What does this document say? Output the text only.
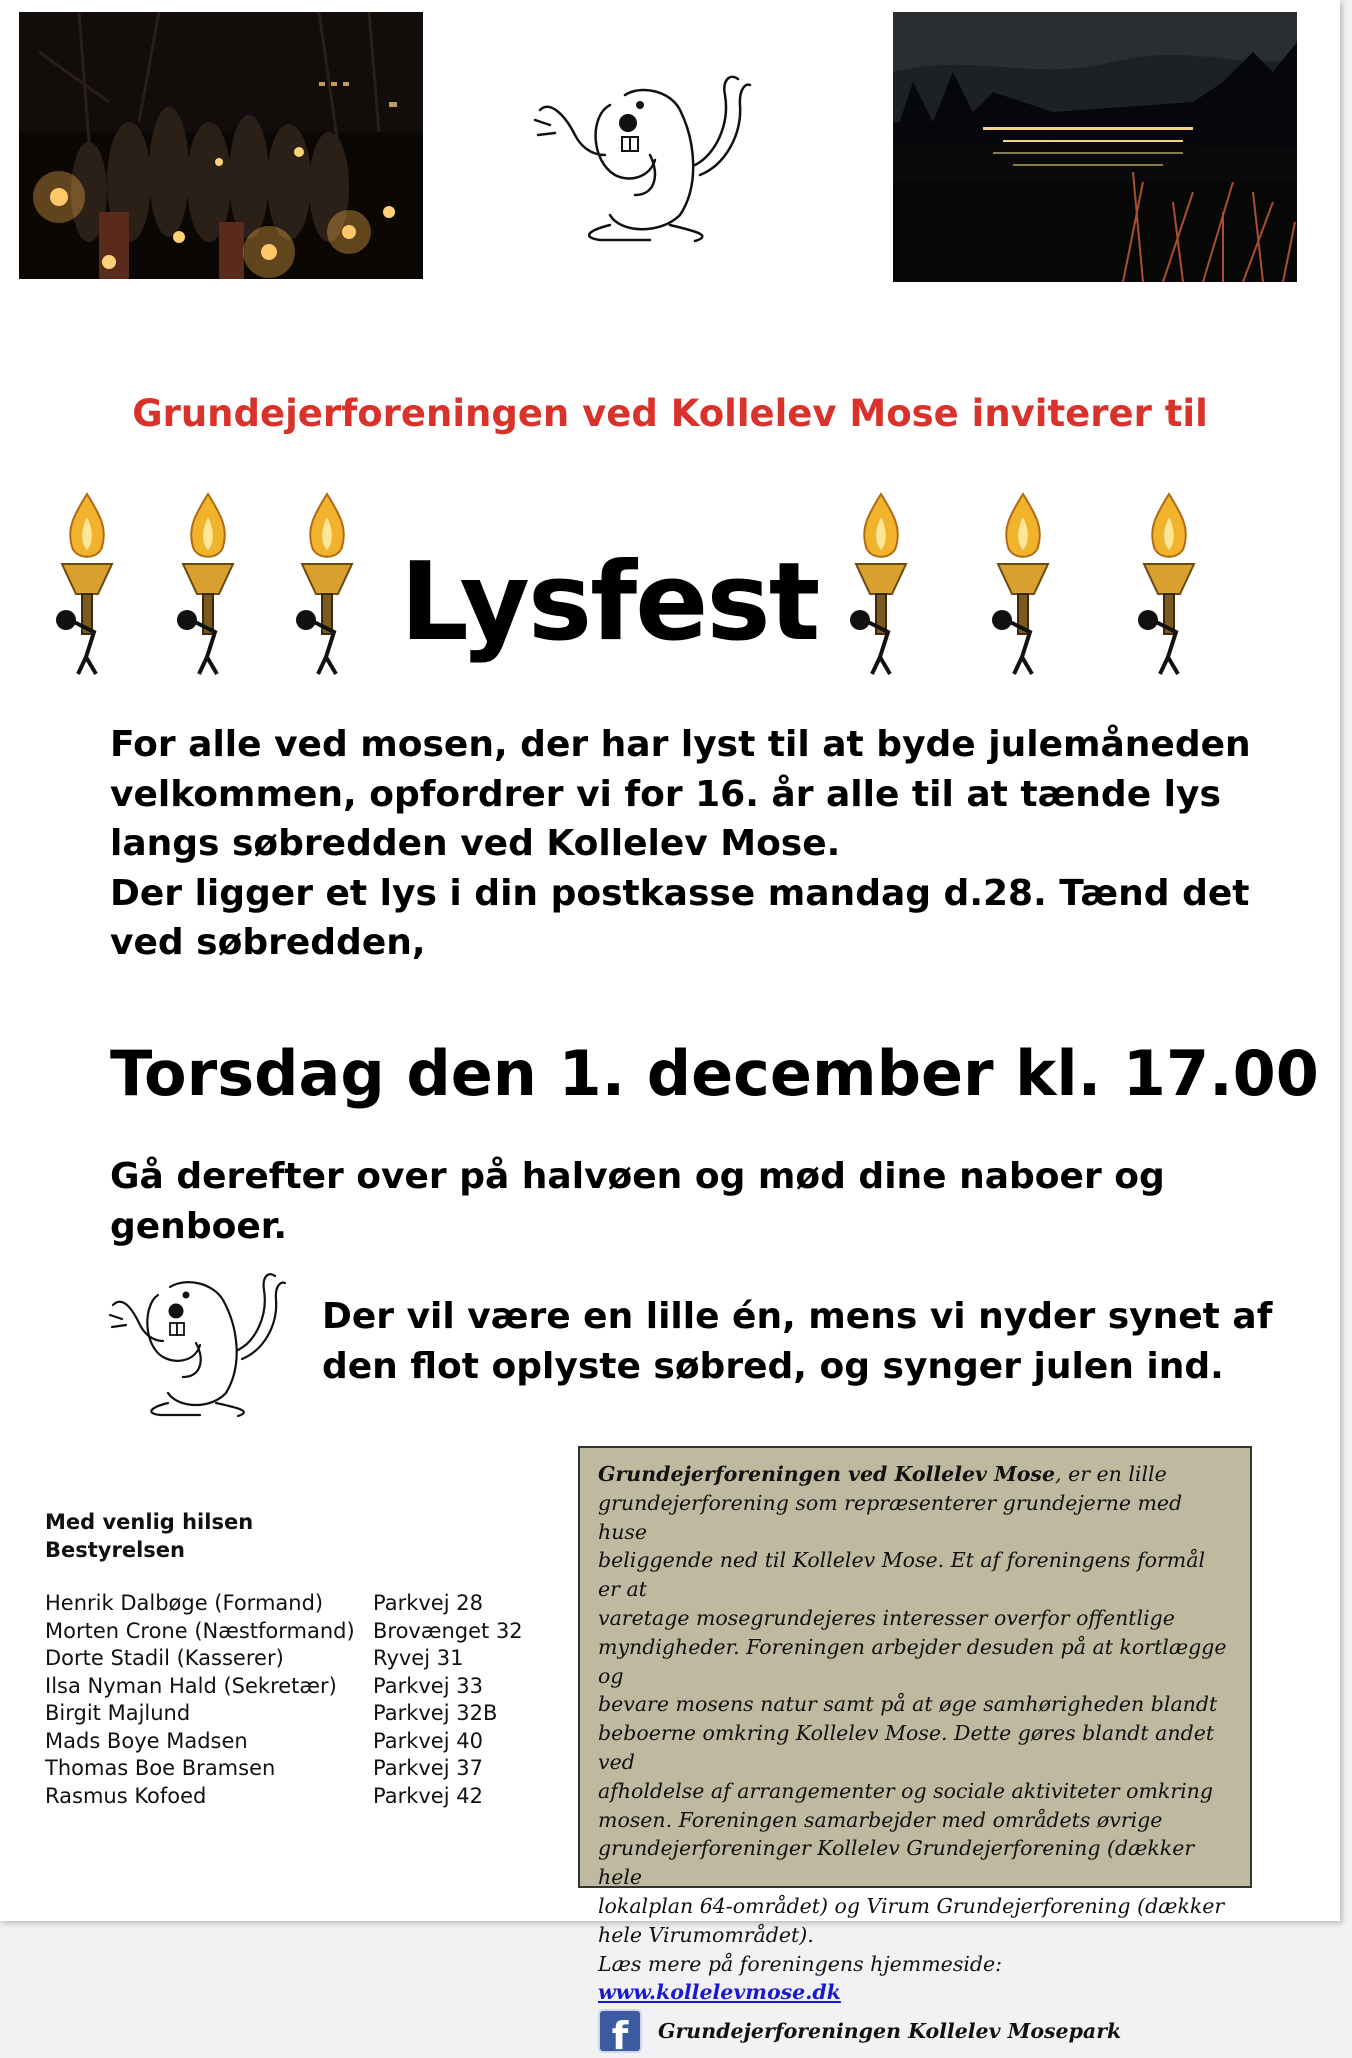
Grundejerforeningen ved Kollelev Mose inviterer til
Lysfest
For alle ved mosen, der har lyst til at byde julemåneden
velkommen, opfordrer vi for 16. år alle til at tænde lys
langs søbredden ved Kollelev Mose.
Der ligger et lys i din postkasse mandag d.28. Tænd det
ved søbredden,
Torsdag den 1. december kl. 17.00
Gå derefter over på halvøen og mød dine naboer og
genboer.
Der vil være en lille én, mens vi nyder synet af
den flot oplyste søbred, og synger julen ind.
Med venlig hilsen
Bestyrelsen
Henrik Dalbøge (Formand)	Parkvej 28
Morten Crone (Næstformand) Brovænget 32
Dorte Stadil (Kasserer)	Ryvej 31
Ilsa Nyman Hald (Sekretær)	Parkvej 33
Birgit Majlund	Parkvej 32B
Mads Boye Madsen	Parkvej 40
Thomas Boe Bramsen	Parkvej 37
Rasmus Kofoed	Parkvej 42
Grundejerforeningen ved Kollelev Mose, er en lille
grundejerforening som repræsenterer grundejerne med huse
beliggende ned til Kollelev Mose. Et af foreningens formål er at
varetage mosegrundejeres interesser overfor offentlige
myndigheder. Foreningen arbejder desuden på at kortlægge og
bevare mosens natur samt på at øge samhørigheden blandt
beboerne omkring Kollelev Mose. Dette gøres blandt andet ved
afholdelse af arrangementer og sociale aktiviteter omkring
mosen. Foreningen samarbejder med områdets øvrige
grundejerforeninger Kollelev Grundejerforening (dækker hele
lokalplan 64-området) og Virum Grundejerforening (dækker
hele Virumområdet).
Læs mere på foreningens hjemmeside: www.kollelevmose.dk
f	Grundejerforeningen Kollelev Mosepark
